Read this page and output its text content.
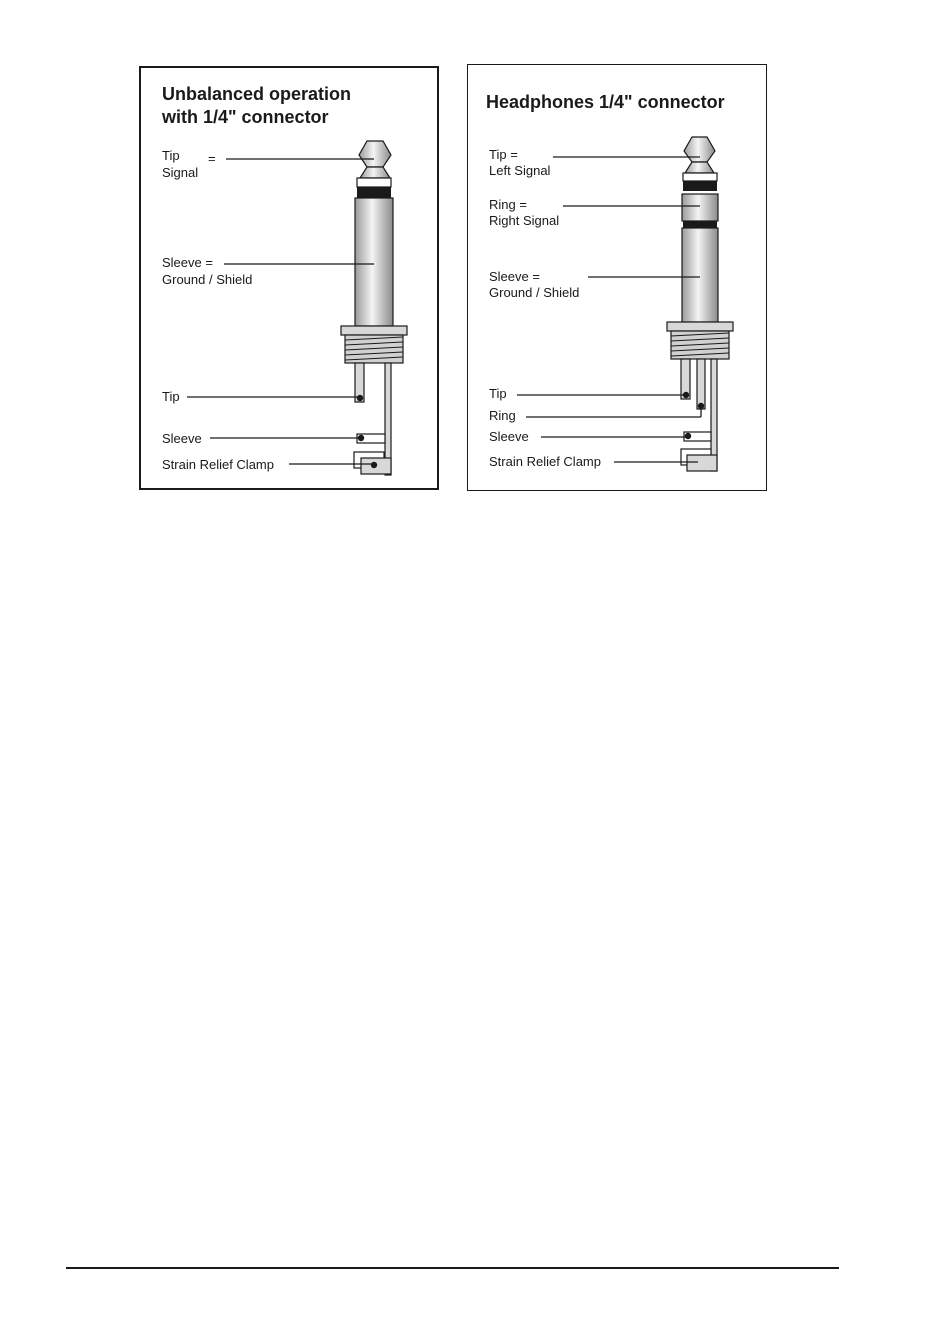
Unbalanced operation
with 1/4" connector
Tip =
Signal
Sleeve =
Ground / Shield
Tip
Sleeve
Strain Relief Clamp
Headphones 1/4" connector
Tip =
Left Signal
Ring =
Right Signal
Sleeve =
Ground / Shield
Tip
Ring
Sleeve
Strain Relief Clamp
